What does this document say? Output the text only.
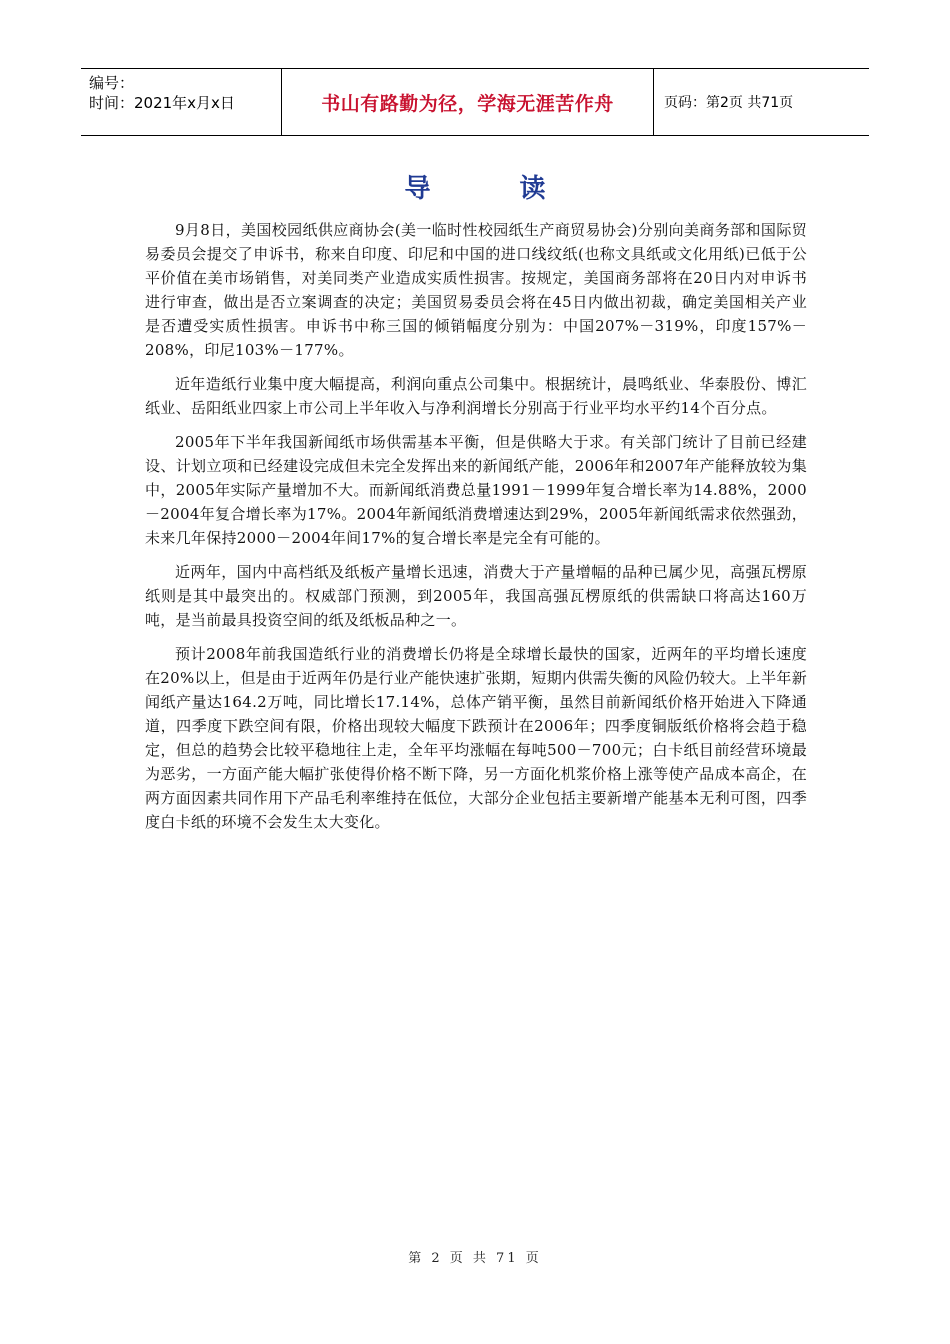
编号：
时间：2021年x月x日	书山有路勤为径，学海无涯苦作舟	页码：第2页 共71页
导 读

9月8日，美国校园纸供应商协会(美一临时性校园纸生产商贸易协会)分别向美商务部和国际贸易委员会提交了申诉书，称来自印度、印尼和中国的进口线纹纸(也称文具纸或文化用纸)已低于公平价值在美市场销售，对美同类产业造成实质性损害。按规定，美国商务部将在20日内对申诉书进行审查，做出是否立案调查的决定；美国贸易委员会将在45日内做出初裁，确定美国相关产业是否遭受实质性损害。申诉书中称三国的倾销幅度分别为：中国207%－319%，印度157%－208%，印尼103%－177%。

近年造纸行业集中度大幅提高，利润向重点公司集中。根据统计，晨鸣纸业、华泰股份、博汇纸业、岳阳纸业四家上市公司上半年收入与净利润增长分别高于行业平均水平约14个百分点。

2005年下半年我国新闻纸市场供需基本平衡，但是供略大于求。有关部门统计了目前已经建设、计划立项和已经建设完成但未完全发挥出来的新闻纸产能，2006年和2007年产能释放较为集中，2005年实际产量增加不大。而新闻纸消费总量1991－1999年复合增长率为14.88%，2000－2004年复合增长率为17%。2004年新闻纸消费增速达到29%，2005年新闻纸需求依然强劲，未来几年保持2000－2004年间17%的复合增长率是完全有可能的。

近两年，国内中高档纸及纸板产量增长迅速，消费大于产量增幅的品种已属少见，高强瓦楞原纸则是其中最突出的。权威部门预测，到2005年，我国高强瓦楞原纸的供需缺口将高达160万吨，是当前最具投资空间的纸及纸板品种之一。

预计2008年前我国造纸行业的消费增长仍将是全球增长最快的国家，近两年的平均增长速度在20%以上，但是由于近两年仍是行业产能快速扩张期，短期内供需失衡的风险仍较大。上半年新闻纸产量达164.2万吨，同比增长17.14%，总体产销平衡，虽然目前新闻纸价格开始进入下降通道，四季度下跌空间有限，价格出现较大幅度下跌预计在2006年；四季度铜版纸价格将会趋于稳定，但总的趋势会比较平稳地往上走，全年平均涨幅在每吨500－700元；白卡纸目前经营环境最为恶劣，一方面产能大幅扩张使得价格不断下降，另一方面化机浆价格上涨等使产品成本高企，在两方面因素共同作用下产品毛利率维持在低位，大部分企业包括主要新增产能基本无利可图，四季度白卡纸的环境不会发生太大变化。

第 2 页 共 71 页
